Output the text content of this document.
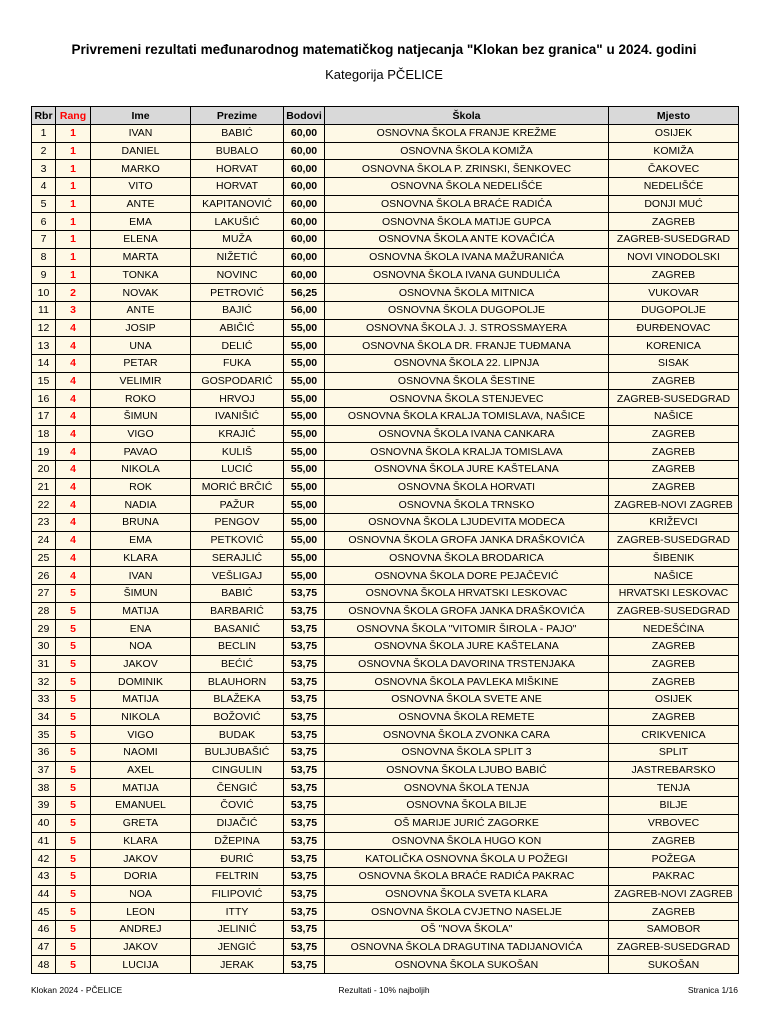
Privremeni rezultati međunarodnog matematičkog natjecanja "Klokan bez granica" u 2024. godini
Kategorija PČELICE
Rbr	Rang	Ime	Prezime	Bodovi	Škola	Mjesto
1	1	IVAN	BABIĆ	60,00	OSNOVNA ŠKOLA FRANJE KREŽME	OSIJEK
2	1	DANIEL	BUBALO	60,00	OSNOVNA ŠKOLA KOMIŽA	KOMIŽA
3	1	MARKO	HORVAT	60,00	OSNOVNA ŠKOLA P. ZRINSKI, ŠENKOVEC	ČAKOVEC
4	1	VITO	HORVAT	60,00	OSNOVNA ŠKOLA NEDELIŠĆE	NEDELIŠĆE
5	1	ANTE	KAPITANOVIĆ	60,00	OSNOVNA ŠKOLA BRAĆE RADIĆA	DONJI MUĆ
6	1	EMA	LAKUŠIĆ	60,00	OSNOVNA ŠKOLA MATIJE GUPCA	ZAGREB
7	1	ELENA	MUŽA	60,00	OSNOVNA ŠKOLA ANTE KOVAČIĆA	ZAGREB-SUSEDGRAD
8	1	MARTA	NIŽETIĆ	60,00	OSNOVNA ŠKOLA IVANA MAŽURANIĆA	NOVI VINODOLSKI
9	1	TONKA	NOVINC	60,00	OSNOVNA ŠKOLA IVANA GUNDULIĆA	ZAGREB
10	2	NOVAK	PETROVIĆ	56,25	OSNOVNA ŠKOLA MITNICA	VUKOVAR
11	3	ANTE	BAJIĆ	56,00	OSNOVNA ŠKOLA DUGOPOLJE	DUGOPOLJE
12	4	JOSIP	ABIČIĆ	55,00	OSNOVNA ŠKOLA J. J. STROSSMAYERA	ĐURĐENOVAC
13	4	UNA	DELIĆ	55,00	OSNOVNA ŠKOLA DR. FRANJE TUĐMANA	KORENICA
14	4	PETAR	FUKA	55,00	OSNOVNA ŠKOLA 22. LIPNJA	SISAK
15	4	VELIMIR	GOSPODARIĆ	55,00	OSNOVNA ŠKOLA ŠESTINE	ZAGREB
16	4	ROKO	HRVOJ	55,00	OSNOVNA ŠKOLA STENJEVEC	ZAGREB-SUSEDGRAD
17	4	ŠIMUN	IVANIŠIĆ	55,00	OSNOVNA ŠKOLA KRALJA TOMISLAVA, NAŠICE	NAŠICE
18	4	VIGO	KRAJIĆ	55,00	OSNOVNA ŠKOLA IVANA CANKARA	ZAGREB
19	4	PAVAO	KULIŠ	55,00	OSNOVNA ŠKOLA KRALJA TOMISLAVA	ZAGREB
20	4	NIKOLA	LUCIĆ	55,00	OSNOVNA ŠKOLA JURE KAŠTELANA	ZAGREB
21	4	ROK	MORIĆ BRČIĆ	55,00	OSNOVNA ŠKOLA HORVATI	ZAGREB
22	4	NADIA	PAŽUR	55,00	OSNOVNA ŠKOLA TRNSKO	ZAGREB-NOVI ZAGREB
23	4	BRUNA	PENGOV	55,00	OSNOVNA ŠKOLA LJUDEVITA MODECA	KRIŽEVCI
24	4	EMA	PETKOVIĆ	55,00	OSNOVNA ŠKOLA GROFA JANKA DRAŠKOVIĆA	ZAGREB-SUSEDGRAD
25	4	KLARA	SERAJLIĆ	55,00	OSNOVNA ŠKOLA BRODARICA	ŠIBENIK
26	4	IVAN	VEŠLIGAJ	55,00	OSNOVNA ŠKOLA DORE PEJAČEVIĆ	NAŠICE
27	5	ŠIMUN	BABIĆ	53,75	OSNOVNA ŠKOLA HRVATSKI LESKOVAC	HRVATSKI LESKOVAC
28	5	MATIJA	BARBARIĆ	53,75	OSNOVNA ŠKOLA GROFA JANKA DRAŠKOVIĆA	ZAGREB-SUSEDGRAD
29	5	ENA	BASANIĆ	53,75	OSNOVNA ŠKOLA "VITOMIR ŠIROLA - PAJO"	NEDEŠĆINA
30	5	NOA	BECLIN	53,75	OSNOVNA ŠKOLA JURE KAŠTELANA	ZAGREB
31	5	JAKOV	BEĆIĆ	53,75	OSNOVNA ŠKOLA DAVORINA TRSTENJAKA	ZAGREB
32	5	DOMINIK	BLAUHORN	53,75	OSNOVNA ŠKOLA PAVLEKA MIŠKINE	ZAGREB
33	5	MATIJA	BLAŽEKA	53,75	OSNOVNA ŠKOLA SVETE ANE	OSIJEK
34	5	NIKOLA	BOŽOVIĆ	53,75	OSNOVNA ŠKOLA REMETE	ZAGREB
35	5	VIGO	BUDAK	53,75	OSNOVNA ŠKOLA ZVONKA CARA	CRIKVENICA
36	5	NAOMI	BULJUBAŠIĆ	53,75	OSNOVNA ŠKOLA SPLIT 3	SPLIT
37	5	AXEL	CINGULIN	53,75	OSNOVNA ŠKOLA LJUBO BABIĆ	JASTREBARSKO
38	5	MATIJA	ČENGIĆ	53,75	OSNOVNA ŠKOLA TENJA	TENJA
39	5	EMANUEL	ČOVIĆ	53,75	OSNOVNA ŠKOLA BILJE	BILJE
40	5	GRETA	DIJAČIĆ	53,75	OŠ MARIJE JURIĆ ZAGORKE	VRBOVEC
41	5	KLARA	DŽEPINA	53,75	OSNOVNA ŠKOLA HUGO KON	ZAGREB
42	5	JAKOV	ĐURIĆ	53,75	KATOLIČKA OSNOVNA ŠKOLA U POŽEGI	POŽEGA
43	5	DORIA	FELTRIN	53,75	OSNOVNA ŠKOLA BRAĆE RADIĆA PAKRAC	PAKRAC
44	5	NOA	FILIPOVIĆ	53,75	OSNOVNA ŠKOLA SVETA KLARA	ZAGREB-NOVI ZAGREB
45	5	LEON	ITTY	53,75	OSNOVNA ŠKOLA CVJETNO NASELJE	ZAGREB
46	5	ANDREJ	JELINIĆ	53,75	OŠ "NOVA ŠKOLA"	SAMOBOR
47	5	JAKOV	JENGIĆ	53,75	OSNOVNA ŠKOLA DRAGUTINA TADIJANOVIĆA	ZAGREB-SUSEDGRAD
48	5	LUCIJA	JERAK	53,75	OSNOVNA ŠKOLA SUKOŠAN	SUKOŠAN
Klokan 2024 - PČELICE	Rezultati - 10% najboljih	Stranica 1/16
